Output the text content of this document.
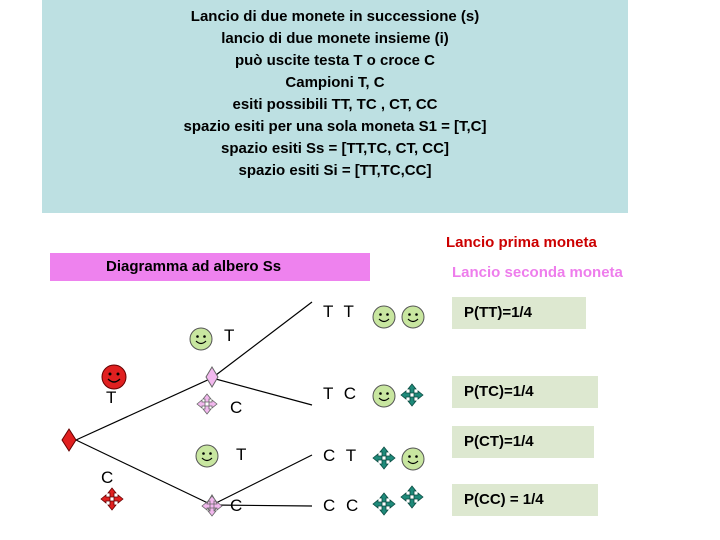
Lancio di due monete in successione (s)
lancio di due monete insieme (i)
può uscite testa T o croce C
Campioni T, C
esiti possibili TT, TC , CT, CC
spazio esiti per una sola moneta S1 = [T,C]
spazio esiti Ss = [TT,TC, CT, CC]
spazio esiti Si = [TT,TC,CC]
Lancio prima moneta
Lancio seconda moneta
Diagramma ad albero Ss
T
C
T
C
T
C
T T
T C
C T
C C
P(TT)=1/4
P(TC)=1/4
P(CT)=1/4
P(CC) = 1/4
